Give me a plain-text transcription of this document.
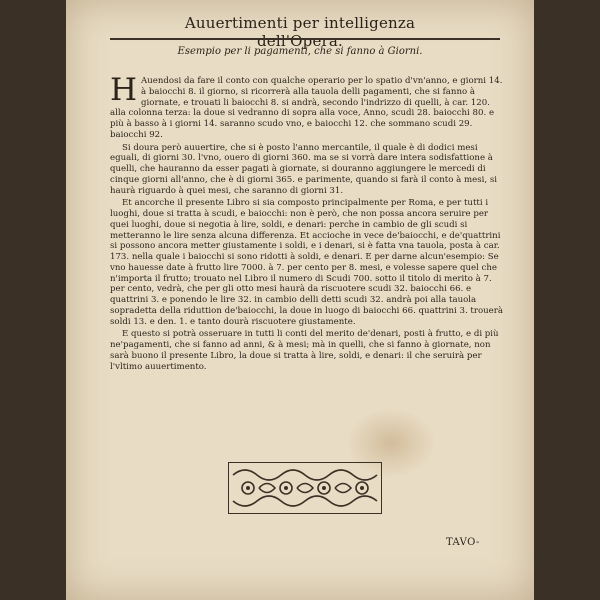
Auuertimenti per intelligenza dell'Opera.
Esempio per li pagamenti, che si fanno à Giorni.

H Auendosi da fare il conto con qualche operario per lo spatio d'vn'anno, e giorni 14. à baiocchi 8. il giorno, si ricorrerà alla tauola delli pagamenti, che si fanno à giornate, e trouati li baiocchi 8. si andrà, secondo l'indrizzo di quelli, à car. 120. alla colonna terza: la doue si vedranno di sopra alla voce, Anno, scudi 28. baiocchi 80. e più à basso à i giorni 14. saranno scudo vno, e baiocchi 12. che sommano scudi 29. baiocchi 92.

Si doura però auuertire, che si è posto l'anno mercantile, il quale è di dodici mesi eguali, di giorni 30. l'vno, ouero di giorni 360. ma se si vorrà dare intera sodisfattione à quelli, che hauranno da esser pagati à giornate, si douranno aggiungere le mercedi di cinque giorni all'anno, che è di giorni 365. e parimente, quando si farà il conto à mesi, si haurà riguardo à quei mesi, che saranno di giorni 31.

Et ancorche il presente Libro si sia composto principalmente per Roma, e per tutti i luoghi, doue si tratta à scudi, e baiocchi: non è però, che non possa ancora seruire per quei luoghi, doue si negotia à lire, soldi, e denari: perche in cambio de gli scudi si metteranno le lire senza alcuna differenza. Et accioche in vece de'baiocchi, e de'quattrini si possono ancora metter giustamente i soldi, e i denari, si è fatta vna tauola, posta à car. 173. nella quale i baiocchi si sono ridotti à soldi, e denari. E per darne alcun'esempio: Se vno hauesse date à frutto lire 7000. à 7. per cento per 8. mesi, e volesse sapere quel che n'importa il frutto; trouato nel Libro il numero di Scudi 700. sotto il titolo di merito à 7. per cento, vedrà, che per gli otto mesi haurà da riscuotere scudi 32. baiocchi 66. e quattrini 3. e ponendo le lire 32. in cambio delli detti scudi 32. andrà poi alla tauola sopradetta della riduttion de'baiocchi, la doue in luogo di baiocchi 66. quattrini 3. trouerà soldi 13. e den. 1. e tanto dourà riscuotere giustamente.

E questo si potrà osseruare in tutti li conti del merito de'denari, posti à frutto, e di più ne'pagamenti, che si fanno ad anni, & à mesi; mà in quelli, che si fanno à giornate, non sarà buono il presente Libro, la doue si tratta à lire, soldi, e denari: il che seruirà per l'vltimo auuertimento.

TAVO-
